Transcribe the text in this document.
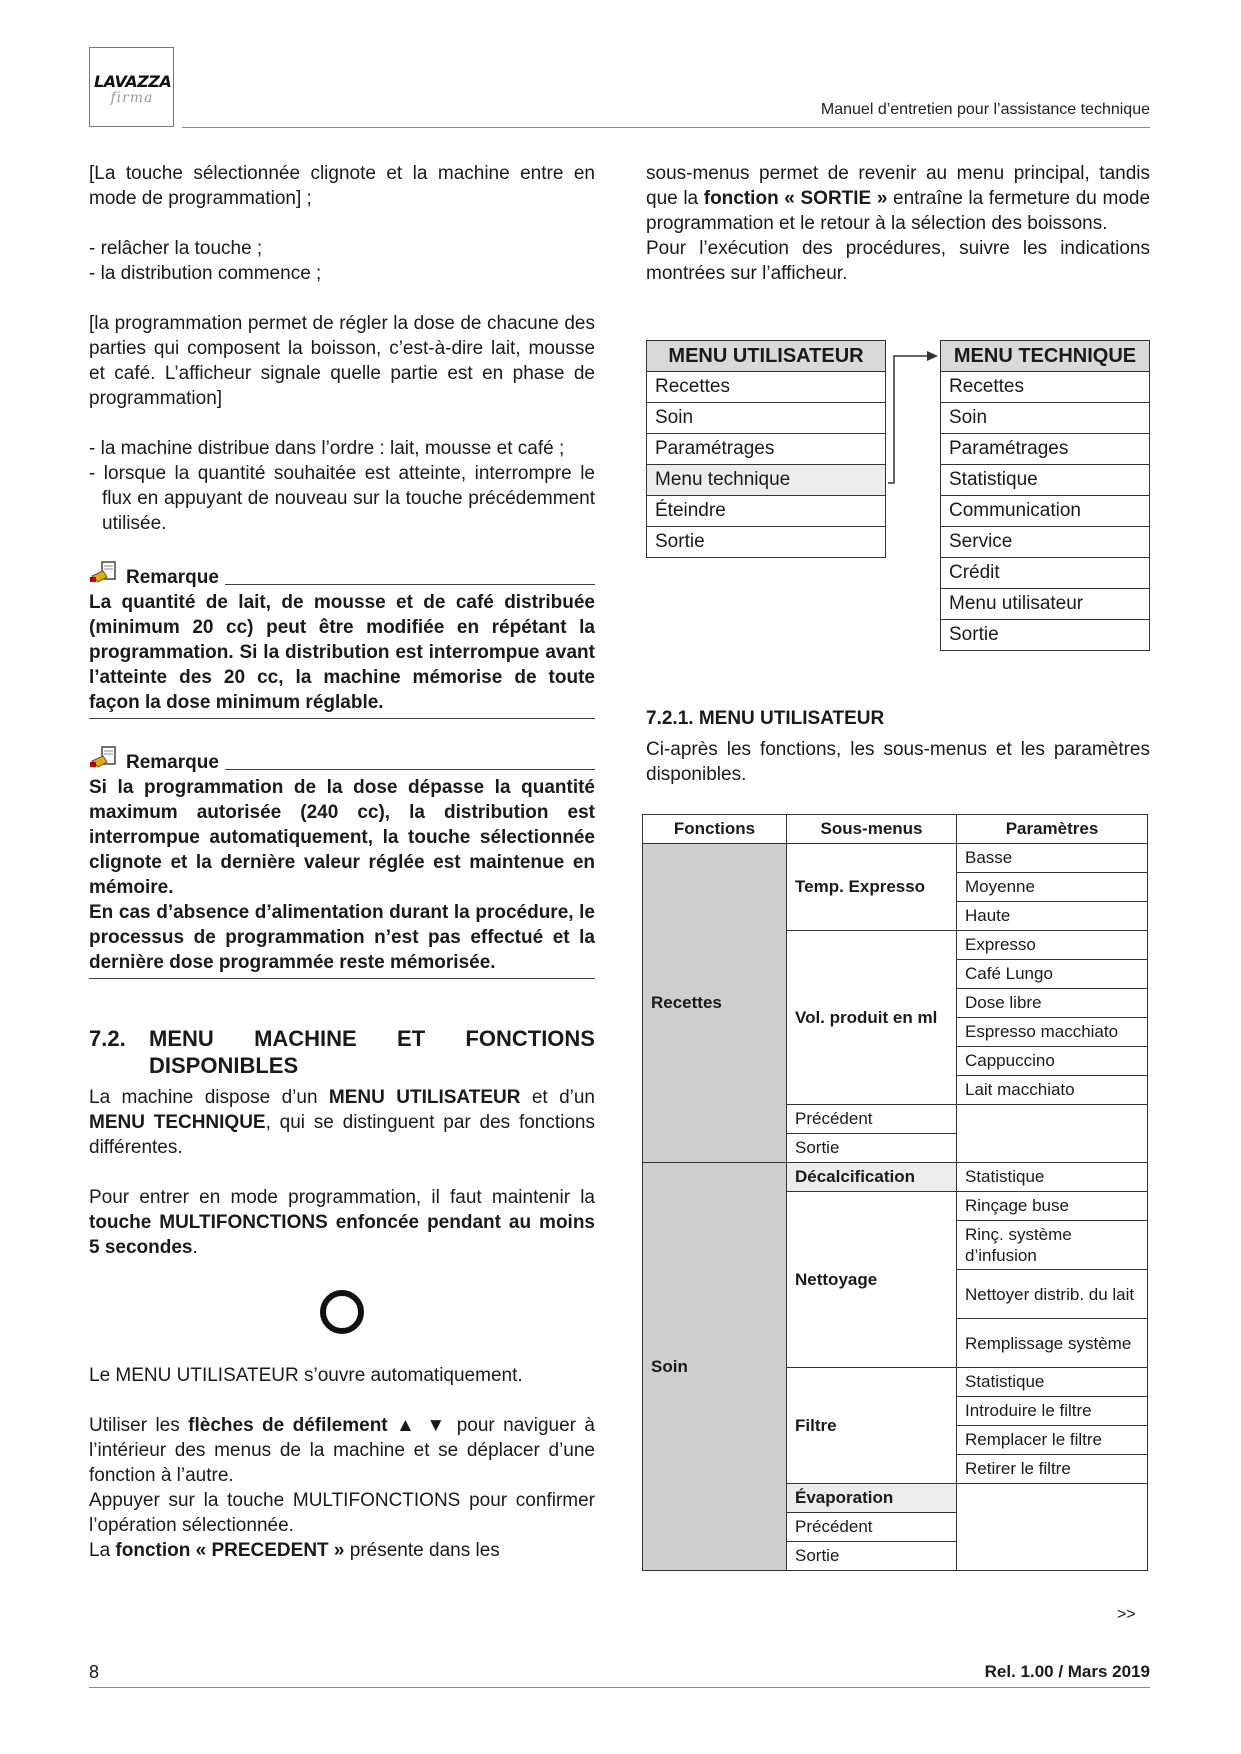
LAVAZZA
firma
Manuel d’entretien pour l’assistance technique

[La touche sélectionnée clignote et la machine entre en mode de programmation] ;

- relâcher la touche ;

- la distribution commence ;

[la programmation permet de régler la dose de chacune des parties qui composent la boisson, c’est-à-dire lait, mousse et café. L’afficheur signale quelle partie est en phase de programmation]

- la machine distribue dans l’ordre : lait, mousse et café ;

- lorsque la quantité souhaitée est atteinte, interrompre le flux en appuyant de nouveau sur la touche précédemment utilisée.

Remarque

La quantité de lait, de mousse et de café distribuée (minimum 20 cc) peut être modifiée en répétant la programmation. Si la distribution est interrompue avant l’atteinte des 20 cc, la machine mémorise de toute façon la dose minimum réglable.

Remarque

Si la programmation de la dose dépasse la quantité maximum autorisée (240 cc), la distribution est interrompue automatiquement, la touche sélectionnée clignote et la dernière valeur réglée est maintenue en mémoire.

En cas d’absence d’alimentation durant la procédure, le processus de programmation n’est pas effectué et la dernière dose programmée reste mémorisée.

7.2.	MENU MACHINE ET FONCTIONS DISPONIBLES

La machine dispose d’un MENU UTILISATEUR et d’un MENU TECHNIQUE, qui se distinguent par des fonctions différentes.

Pour entrer en mode programmation, il faut maintenir la touche MULTIFONCTIONS enfoncée pendant au moins 5 secondes.

Le MENU UTILISATEUR s’ouvre automatiquement.

Utiliser les flèches de défilement ▲ ▼ pour naviguer à l’intérieur des menus de la machine et se déplacer d’une fonction à l’autre.

Appuyer sur la touche MULTIFONCTIONS pour confirmer l’opération sélectionnée.

La fonction « PRECEDENT » présente dans les

sous-menus permet de revenir au menu principal, tandis que la fonction « SORTIE » entraîne la fermeture du mode programmation et le retour à la sélection des boissons.

Pour l’exécution des procédures, suivre les indications montrées sur l’afficheur.

MENU UTILISATEUR
Recettes
Soin
Paramétrages
Menu technique
Éteindre
Sortie
MENU TECHNIQUE
Recettes
Soin
Paramétrages
Statistique
Communication
Service
Crédit
Menu utilisateur
Sortie
7.2.1. MENU UTILISATEUR

Ci-après les fonctions, les sous-menus et les paramètres disponibles.

Fonctions	Sous-menus	Paramètres
Recettes	Temp. Expresso	Basse
		Moyenne
		Haute
	Vol. produit en ml	Expresso
		Café Lungo
		Dose libre
		Espresso macchiato
		Cappuccino
		Lait macchiato
	Précédent	
	Sortie	
Soin	Décalcification	Statistique
	Nettoyage	Rinçage buse
		Rinç. système d’infusion
		Nettoyer distrib. du lait
		Remplissage système
	Filtre	Statistique
		Introduire le filtre
		Remplacer le filtre
		Retirer le filtre
	Évaporation	
	Précédent	
	Sortie	
>>
8	Rel. 1.00 / Mars 2019
